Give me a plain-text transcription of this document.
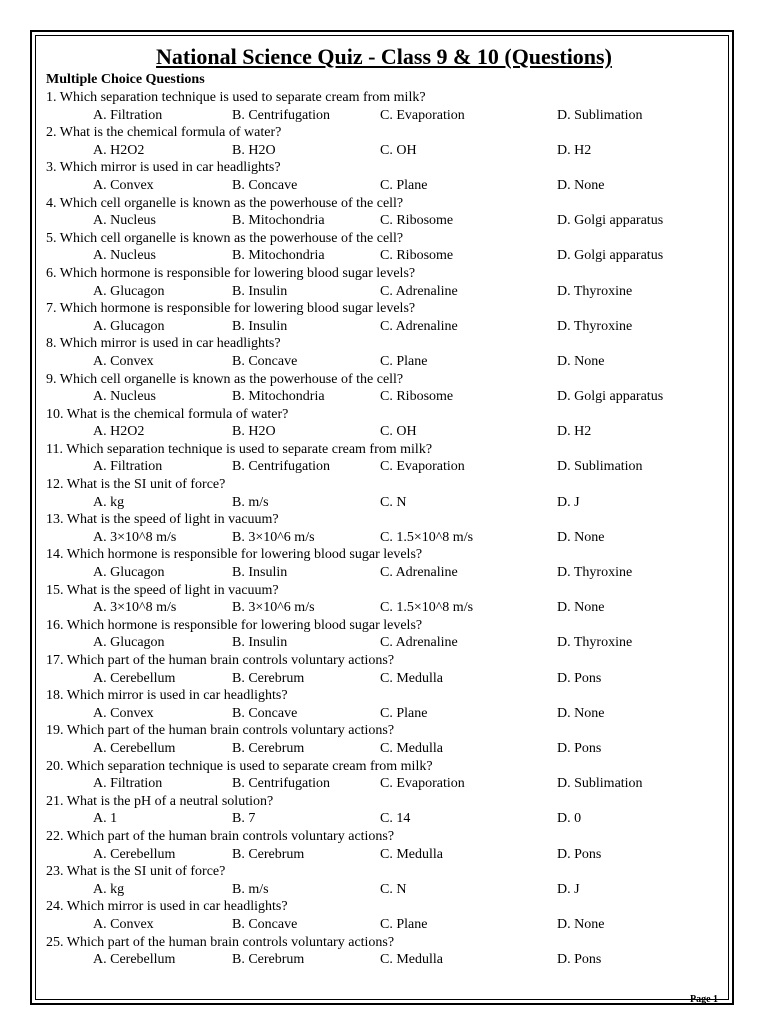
National Science Quiz - Class 9 & 10 (Questions)
Multiple Choice Questions
1. Which separation technique is used to separate cream from milk?
A. Filtration	B. Centrifugation	C. Evaporation	D. Sublimation
2. What is the chemical formula of water?
A. H2O2	B. H2O	C. OH	D. H2
3. Which mirror is used in car headlights?
A. Convex	B. Concave	C. Plane	D. None
4. Which cell organelle is known as the powerhouse of the cell?
A. Nucleus	B. Mitochondria	C. Ribosome	D. Golgi apparatus
5. Which cell organelle is known as the powerhouse of the cell?
A. Nucleus	B. Mitochondria	C. Ribosome	D. Golgi apparatus
6. Which hormone is responsible for lowering blood sugar levels?
A. Glucagon	B. Insulin	C. Adrenaline	D. Thyroxine
7. Which hormone is responsible for lowering blood sugar levels?
A. Glucagon	B. Insulin	C. Adrenaline	D. Thyroxine
8. Which mirror is used in car headlights?
A. Convex	B. Concave	C. Plane	D. None
9. Which cell organelle is known as the powerhouse of the cell?
A. Nucleus	B. Mitochondria	C. Ribosome	D. Golgi apparatus
10. What is the chemical formula of water?
A. H2O2	B. H2O	C. OH	D. H2
11. Which separation technique is used to separate cream from milk?
A. Filtration	B. Centrifugation	C. Evaporation	D. Sublimation
12. What is the SI unit of force?
A. kg	B. m/s	C. N	D. J
13. What is the speed of light in vacuum?
A. 3×10^8 m/s	B. 3×10^6 m/s	C. 1.5×10^8 m/s	D. None
14. Which hormone is responsible for lowering blood sugar levels?
A. Glucagon	B. Insulin	C. Adrenaline	D. Thyroxine
15. What is the speed of light in vacuum?
A. 3×10^8 m/s	B. 3×10^6 m/s	C. 1.5×10^8 m/s	D. None
16. Which hormone is responsible for lowering blood sugar levels?
A. Glucagon	B. Insulin	C. Adrenaline	D. Thyroxine
17. Which part of the human brain controls voluntary actions?
A. Cerebellum	B. Cerebrum	C. Medulla	D. Pons
18. Which mirror is used in car headlights?
A. Convex	B. Concave	C. Plane	D. None
19. Which part of the human brain controls voluntary actions?
A. Cerebellum	B. Cerebrum	C. Medulla	D. Pons
20. Which separation technique is used to separate cream from milk?
A. Filtration	B. Centrifugation	C. Evaporation	D. Sublimation
21. What is the pH of a neutral solution?
A. 1	B. 7	C. 14	D. 0
22. Which part of the human brain controls voluntary actions?
A. Cerebellum	B. Cerebrum	C. Medulla	D. Pons
23. What is the SI unit of force?
A. kg	B. m/s	C. N	D. J
24. Which mirror is used in car headlights?
A. Convex	B. Concave	C. Plane	D. None
25. Which part of the human brain controls voluntary actions?
A. Cerebellum	B. Cerebrum	C. Medulla	D. Pons
Page 1
